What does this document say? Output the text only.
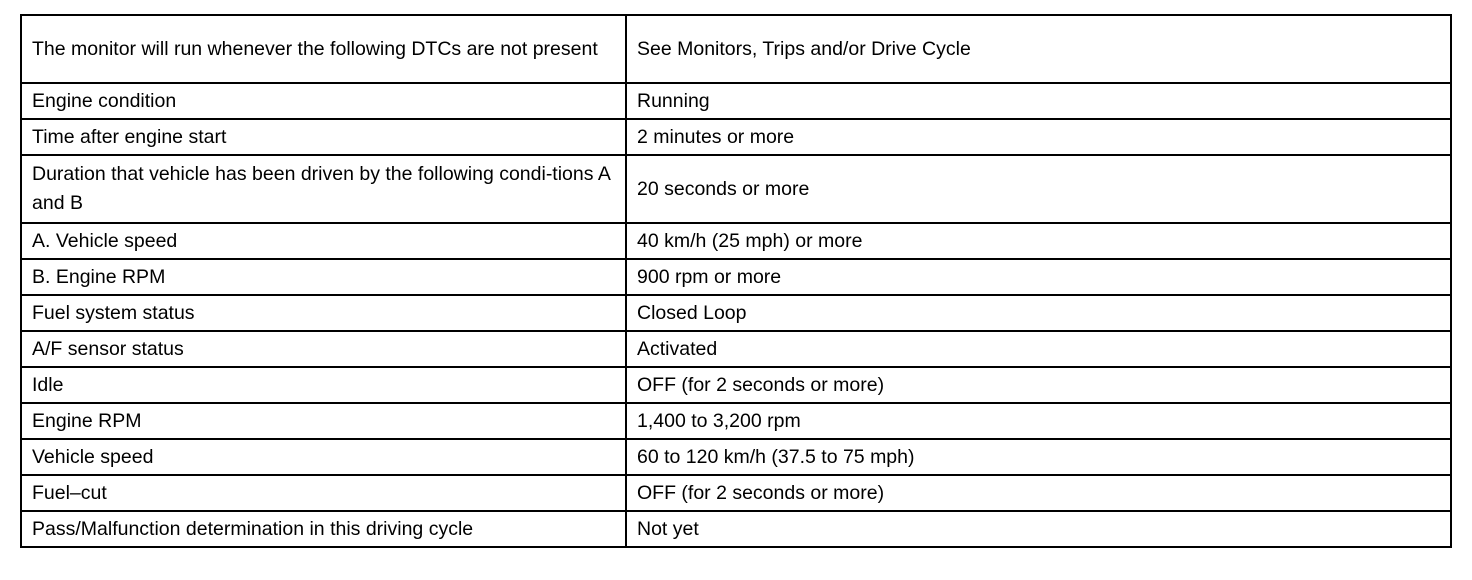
The monitor will run whenever the following DTCs are not present	See Monitors, Trips and/or Drive Cycle
Engine condition	Running
Time after engine start	2 minutes or more
Duration that vehicle has been driven by the following condi-tions A and B	20 seconds or more
A. Vehicle speed	40 km/h (25 mph) or more
B. Engine RPM	900 rpm or more
Fuel system status	Closed Loop
A/F sensor status	Activated
Idle	OFF (for 2 seconds or more)
Engine RPM	1,400 to 3,200 rpm
Vehicle speed	60 to 120 km/h (37.5 to 75 mph)
Fuel–cut	OFF (for 2 seconds or more)
Pass/Malfunction determination in this driving cycle	Not yet
